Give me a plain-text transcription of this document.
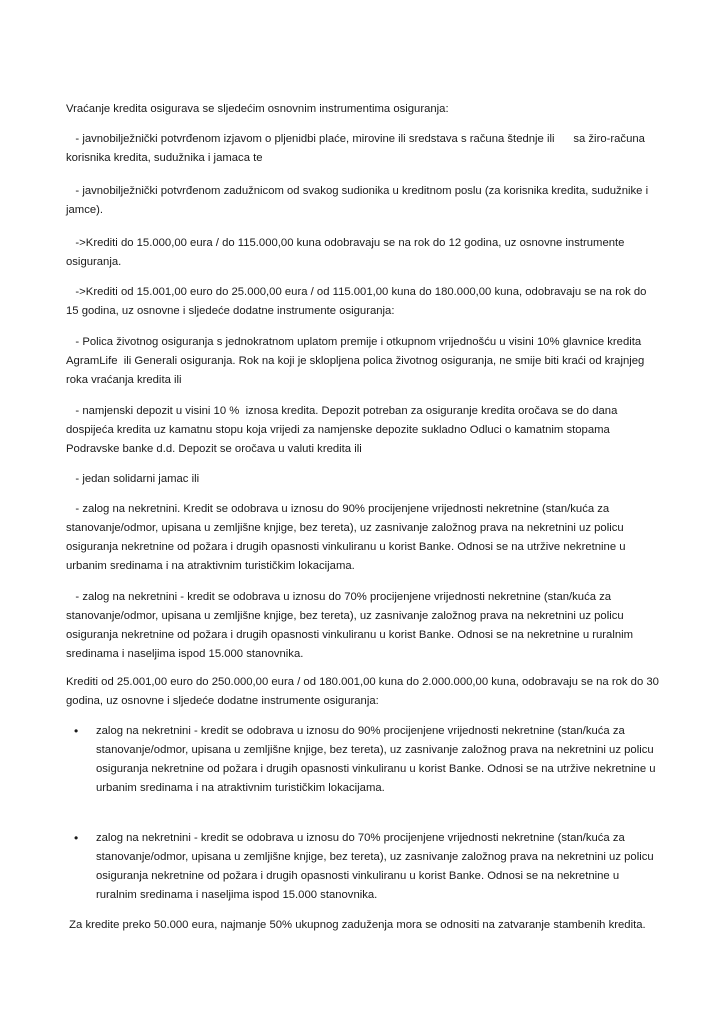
Vraćanje kredita osigurava se sljedećim osnovnim instrumentima osiguranja:

- javnobilježnički potvrđenom izjavom o pljenidbi plaće, mirovine ili sredstava s računa štednje ili      sa žiro-računa korisnika kredita, sudužnika i jamaca te

- javnobilježnički potvrđenom zadužnicom od svakog sudionika u kreditnom poslu (za korisnika kredita, sudužnike i jamce).

->Krediti do 15.000,00 eura / do 115.000,00 kuna odobravaju se na rok do 12 godina, uz osnovne instrumente osiguranja.

->Krediti od 15.001,00 euro do 25.000,00 eura / od 115.001,00 kuna do 180.000,00 kuna, odobravaju se na rok do 15 godina, uz osnovne i sljedeće dodatne instrumente osiguranja:

- Polica životnog osiguranja s jednokratnom uplatom premije i otkupnom vrijednošću u visini 10% glavnice kredita AgramLife  ili Generali osiguranja. Rok na koji je sklopljena polica životnog osiguranja, ne smije biti kraći od krajnjeg roka vraćanja kredita ili

- namjenski depozit u visini 10 %  iznosa kredita. Depozit potreban za osiguranje kredita oročava se do dana dospijeća kredita uz kamatnu stopu koja vrijedi za namjenske depozite sukladno Odluci o kamatnim stopama Podravske banke d.d. Depozit se oročava u valuti kredita ili

- jedan solidarni jamac ili

- zalog na nekretnini. Kredit se odobrava u iznosu do 90% procijenjene vrijednosti nekretnine (stan/kuća za stanovanje/odmor, upisana u zemljišne knjige, bez tereta), uz zasnivanje založnog prava na nekretnini uz policu osiguranja nekretnine od požara i drugih opasnosti vinkuliranu u korist Banke. Odnosi se na utržive nekretnine u urbanim sredinama i na atraktivnim turističkim lokacijama.

- zalog na nekretnini - kredit se odobrava u iznosu do 70% procijenjene vrijednosti nekretnine (stan/kuća za stanovanje/odmor, upisana u zemljišne knjige, bez tereta), uz zasnivanje založnog prava na nekretnini uz policu osiguranja nekretnine od požara i drugih opasnosti vinkuliranu u korist Banke. Odnosi se na nekretnine u ruralnim sredinama i naseljima ispod 15.000 stanovnika.

Krediti od 25.001,00 euro do 250.000,00 eura / od 180.001,00 kuna do 2.000.000,00 kuna, odobravaju se na rok do 30 godina, uz osnovne i sljedeće dodatne instrumente osiguranja:

• zalog na nekretnini - kredit se odobrava u iznosu do 90% procijenjene vrijednosti nekretnine (stan/kuća za stanovanje/odmor, upisana u zemljišne knjige, bez tereta), uz zasnivanje založnog prava na nekretnini uz policu osiguranja nekretnine od požara i drugih opasnosti vinkuliranu u korist Banke. Odnosi se na utržive nekretnine u urbanim sredinama i na atraktivnim turističkim lokacijama.
• zalog na nekretnini - kredit se odobrava u iznosu do 70% procijenjene vrijednosti nekretnine (stan/kuća za stanovanje/odmor, upisana u zemljišne knjige, bez tereta), uz zasnivanje založnog prava na nekretnini uz policu osiguranja nekretnine od požara i drugih opasnosti vinkuliranu u korist Banke. Odnosi se na nekretnine u ruralnim sredinama i naseljima ispod 15.000 stanovnika.

Za kredite preko 50.000 eura, najmanje 50% ukupnog zaduženja mora se odnositi na zatvaranje stambenih kredita.
